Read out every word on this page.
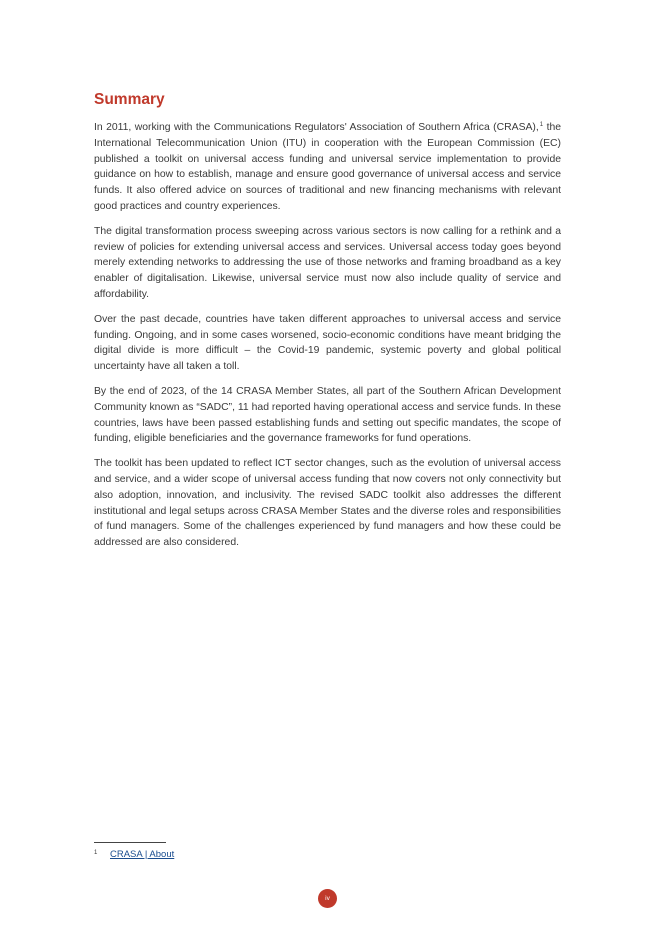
Summary

In 2011, working with the Communications Regulators' Association of Southern Africa (CRASA),$^1$ the International Telecommunication Union (ITU) in cooperation with the European Commission (EC) published a toolkit on universal access funding and universal service implementation to provide guidance on how to establish, manage and ensure good governance of universal access and service funds. It also offered advice on sources of traditional and new financing mechanisms with relevant good practices and country experiences.

The digital transformation process sweeping across various sectors is now calling for a rethink and a review of policies for extending universal access and services. Universal access today goes beyond merely extending networks to addressing the use of those networks and framing broadband as a key enabler of digitalisation. Likewise, universal service must now also include quality of service and affordability.

Over the past decade, countries have taken different approaches to universal access and service funding. Ongoing, and in some cases worsened, socio-economic conditions have meant bridging the digital divide is more difficult – the Covid-19 pandemic, systemic poverty and global political uncertainty have all taken a toll.

By the end of 2023, of the 14 CRASA Member States, all part of the Southern African Development Community known as “SADC”, 11 had reported having operational access and service funds. In these countries, laws have been passed establishing funds and setting out specific mandates, the scope of funding, eligible beneficiaries and the governance frameworks for fund operations.

The toolkit has been updated to reflect ICT sector changes, such as the evolution of universal access and service, and a wider scope of universal access funding that now covers not only connectivity but also adoption, innovation, and inclusivity. The revised SADC toolkit also addresses the different institutional and legal setups across CRASA Member States and the diverse roles and responsibilities of fund managers. Some of the challenges experienced by fund managers and how these could be addressed are also considered.

1 CRASA | About
iv
